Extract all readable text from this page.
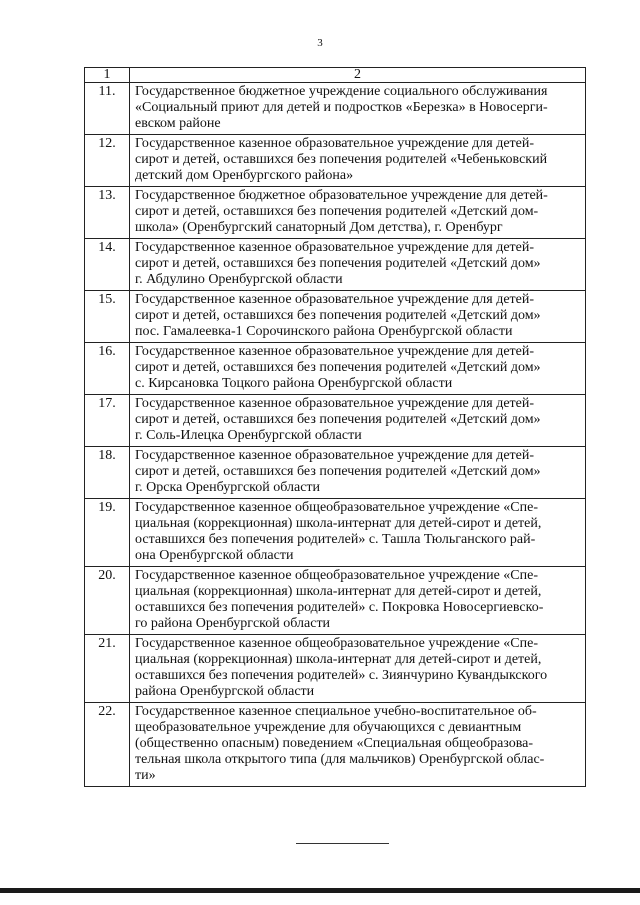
3
1	2
11.	Государственное бюджетное учреждение социального обслуживания
«Социальный приют для детей и подростков «Березка» в Новосерги-
евском районе

12.	Государственное казенное образовательное учреждение для детей-
сирот и детей, оставшихся без попечения родителей «Чебеньковский
детский дом Оренбургского района»

13.	Государственное бюджетное образовательное учреждение для детей-
сирот и детей, оставшихся без попечения родителей «Детский дом-
школа» (Оренбургский санаторный Дом детства), г. Оренбург

14.	Государственное казенное образовательное учреждение для детей-
сирот и детей, оставшихся без попечения родителей «Детский дом»
г. Абдулино Оренбургской области

15.	Государственное казенное образовательное учреждение для детей-
сирот и детей, оставшихся без попечения родителей «Детский дом»
пос. Гамалеевка-1 Сорочинского района Оренбургской области

16.	Государственное казенное образовательное учреждение для детей-
сирот и детей, оставшихся без попечения родителей «Детский дом»
с. Кирсановка Тоцкого района Оренбургской области

17.	Государственное казенное образовательное учреждение для детей-
сирот и детей, оставшихся без попечения родителей «Детский дом»
г. Соль-Илецка Оренбургской области

18.	Государственное казенное образовательное учреждение для детей-
сирот и детей, оставшихся без попечения родителей «Детский дом»
г. Орска Оренбургской области

19.	Государственное казенное общеобразовательное учреждение «Спе-
циальная (коррекционная) школа-интернат для детей-сирот и детей,
оставшихся без попечения родителей» с. Ташла Тюльганского рай-
она Оренбургской области

20.	Государственное казенное общеобразовательное учреждение «Спе-
циальная (коррекционная) школа-интернат для детей-сирот и детей,
оставшихся без попечения родителей» с. Покровка Новосергиевско-
го района Оренбургской области

21.	Государственное казенное общеобразовательное учреждение «Спе-
циальная (коррекционная) школа-интернат для детей-сирот и детей,
оставшихся без попечения родителей» с. Зиянчурино Кувандыкского
района Оренбургской области

22.	Государственное казенное специальное учебно-воспитательное об-
щеобразовательное учреждение для обучающихся с девиантным
(общественно опасным) поведением «Специальная общеобразова-
тельная школа открытого типа (для мальчиков) Оренбургской облас-
ти»
